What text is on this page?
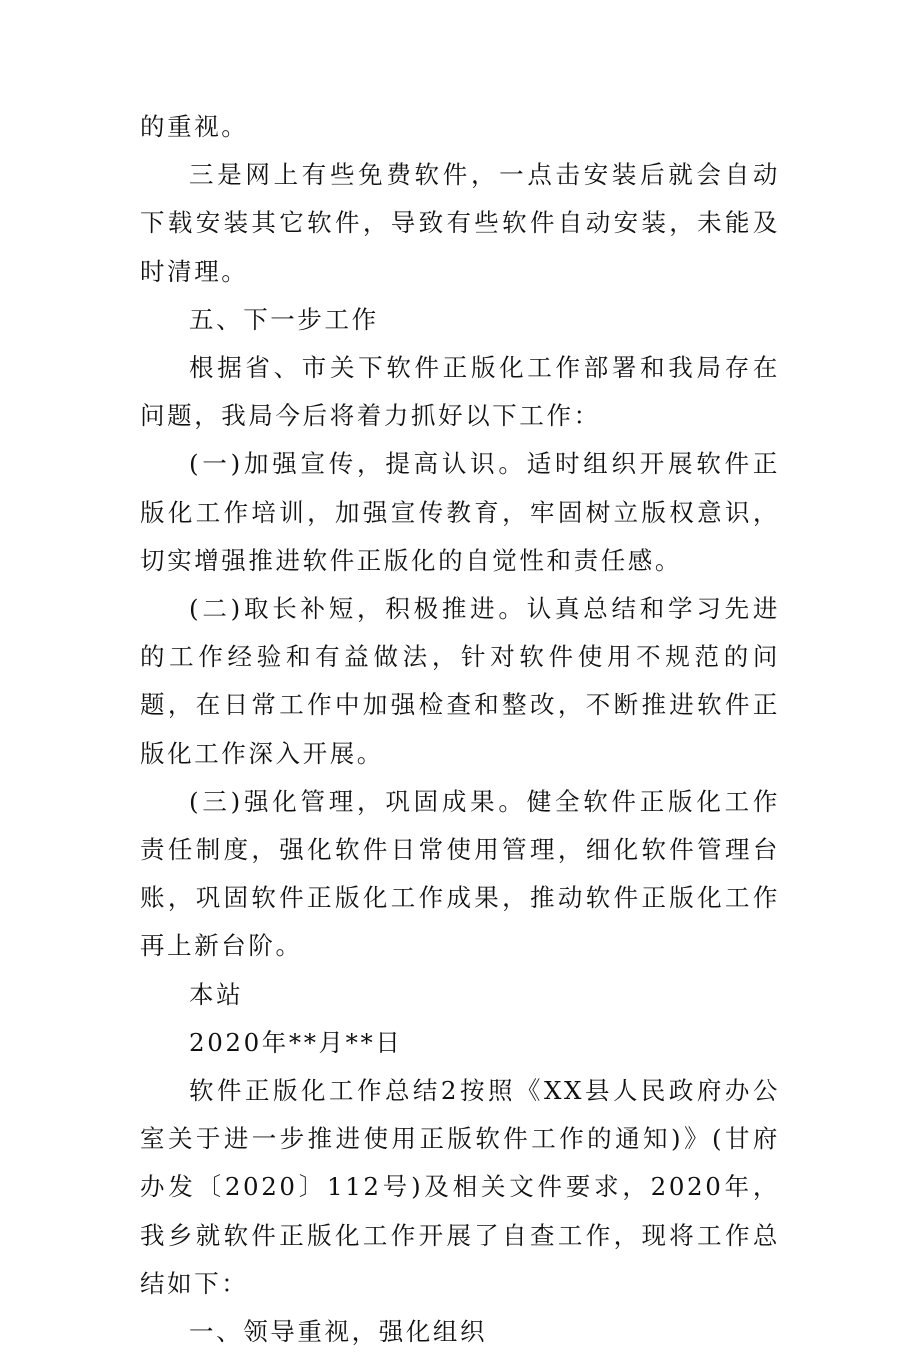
的重视。

三是网上有些免费软件，一点击安装后就会自动下载安装其它软件，导致有些软件自动安装，未能及时清理。

五、下一步工作

根据省、市关下软件正版化工作部署和我局存在问题，我局今后将着力抓好以下工作：

(一)加强宣传，提高认识。适时组织开展软件正版化工作培训，加强宣传教育，牢固树立版权意识，切实增强推进软件正版化的自觉性和责任感。

(二)取长补短，积极推进。认真总结和学习先进的工作经验和有益做法，针对软件使用不规范的问题，在日常工作中加强检查和整改，不断推进软件正版化工作深入开展。

(三)强化管理，巩固成果。健全软件正版化工作责任制度，强化软件日常使用管理，细化软件管理台账，巩固软件正版化工作成果，推动软件正版化工作再上新台阶。

本站

2020年**月**日

软件正版化工作总结2按照《XX县人民政府办公室关于进一步推进使用正版软件工作的通知)》(甘府办发〔2020〕112号)及相关文件要求，2020年，我乡就软件正版化工作开展了自查工作，现将工作总结如下：

一、领导重视，强化组织
